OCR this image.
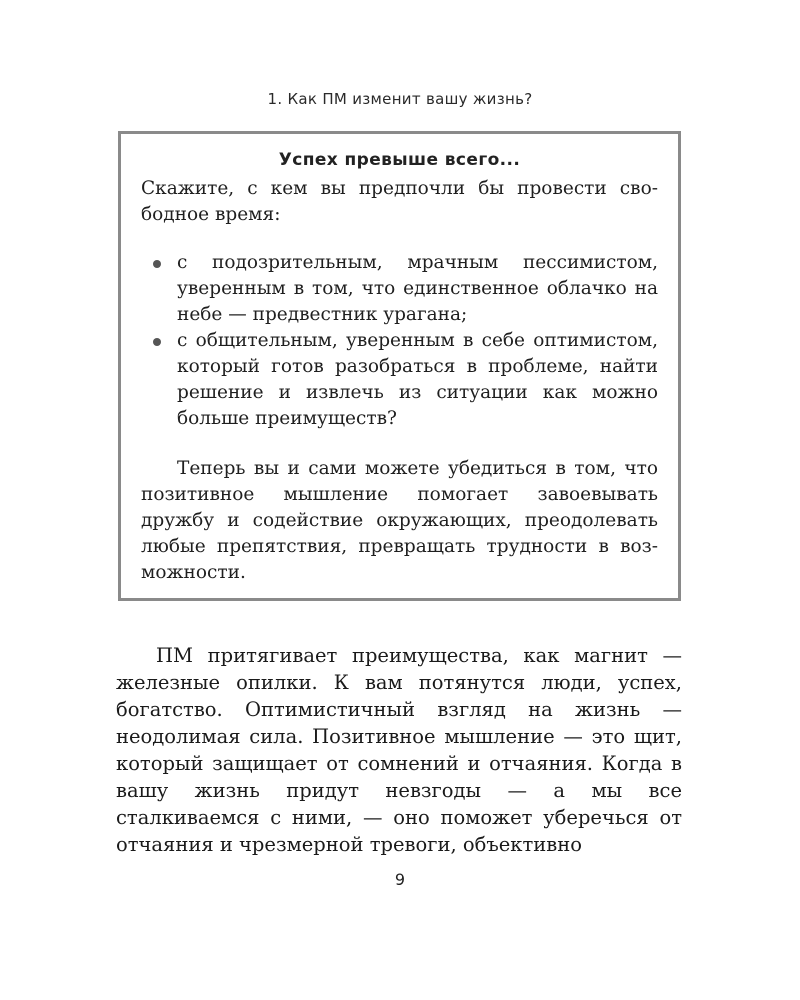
1. Как ПМ изменит вашу жизнь?
Успех превыше всего...

Скажите, с кем вы предпочли бы провести свободное время:

с подозрительным, мрачным пессимистом, уверенным в том, что единственное облачко на небе — предвестник урагана;
с общительным, уверенным в себе оптимистом, который готов разобраться в проблеме, найти решение и извлечь из ситуации как можно больше преимуществ?

Теперь вы и сами можете убедиться в том, что позитивное мышление помогает завоевывать дружбу и содействие окружающих, преодолевать любые препятствия, превращать трудности в возможности.

ПМ притягивает преимущества, как магнит — железные опилки. К вам потянутся люди, успех, богатство. Оптимистичный взгляд на жизнь — неодолимая сила. Позитивное мышление — это щит, который защищает от сомнений и отчаяния. Когда в вашу жизнь придут невзгоды — а мы все сталкиваемся с ними, — оно поможет уберечься от отчаяния и чрезмерной тревоги, объективно

9
